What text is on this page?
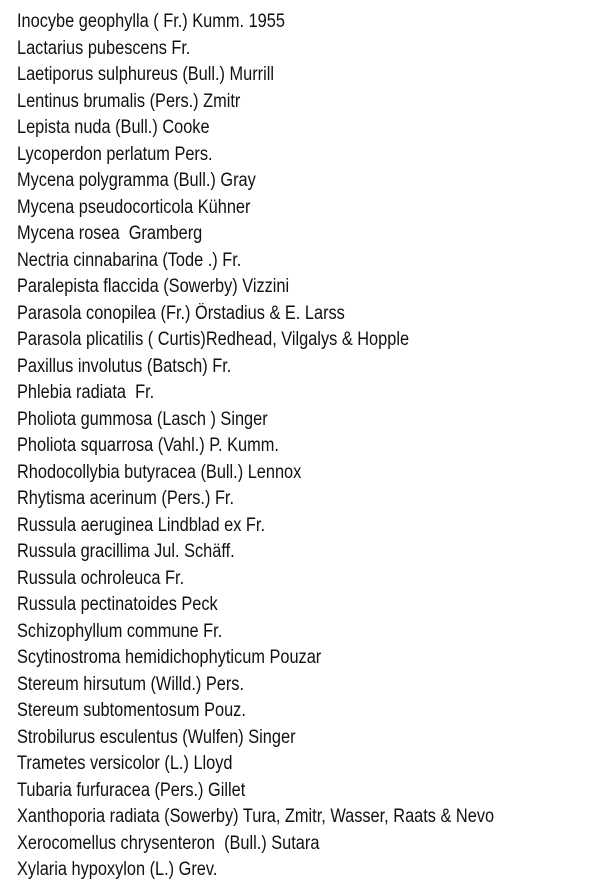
Inocybe geophylla ( Fr.) Kumm. 1955
Lactarius pubescens Fr.
Laetiporus sulphureus (Bull.) Murrill
Lentinus brumalis (Pers.) Zmitr
Lepista nuda (Bull.) Cooke
Lycoperdon perlatum Pers.
Mycena polygramma (Bull.) Gray
Mycena pseudocorticola Kühner
Mycena rosea  Gramberg
Nectria cinnabarina (Tode .) Fr.
Paralepista flaccida (Sowerby) Vizzini
Parasola conopilea (Fr.) Örstadius & E. Larss
Parasola plicatilis ( Curtis)Redhead, Vilgalys & Hopple
Paxillus involutus (Batsch) Fr.
Phlebia radiata  Fr.
Pholiota gummosa (Lasch ) Singer
Pholiota squarrosa (Vahl.) P. Kumm.
Rhodocollybia butyracea (Bull.) Lennox
Rhytisma acerinum (Pers.) Fr.
Russula aeruginea Lindblad ex Fr.
Russula gracillima Jul. Schäff.
Russula ochroleuca Fr.
Russula pectinatoides Peck
Schizophyllum commune Fr.
Scytinostroma hemidichophyticum Pouzar
Stereum hirsutum (Willd.) Pers.
Stereum subtomentosum Pouz.
Strobilurus esculentus (Wulfen) Singer
Trametes versicolor (L.) Lloyd
Tubaria furfuracea (Pers.) Gillet
Xanthoporia radiata (Sowerby) Tura, Zmitr, Wasser, Raats & Nevo
Xerocomellus chrysenteron  (Bull.) Sutara
Xylaria hypoxylon (L.) Grev.
